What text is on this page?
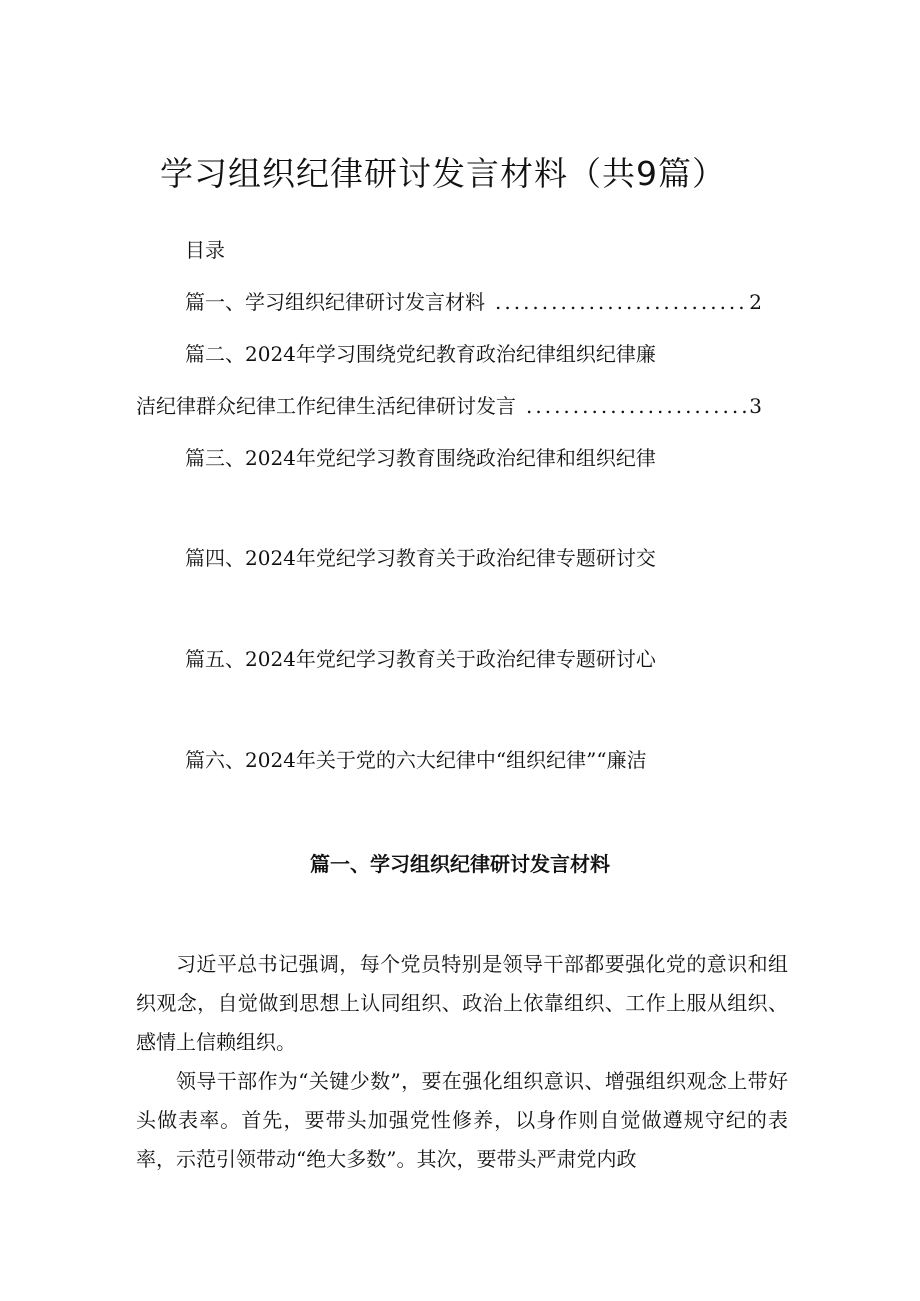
学习组织纪律研讨发言材料（共9篇）
目录
篇一、学习组织纪律研讨发言材料 .....	2
篇二、2024年学习围绕党纪教育政治纪律组织纪律廉
洁纪律群众纪律工作纪律生活纪律研讨发言 .....	3
篇三、2024年党纪学习教育围绕政治纪律和组织纪律
篇四、2024年党纪学习教育关于政治纪律专题研讨交
篇五、2024年党纪学习教育关于政治纪律专题研讨心
篇六、2024年关于党的六大纪律中“组织纪律”“廉洁
篇一、学习组织纪律研讨发言材料

习近平总书记强调，每个党员特别是领导干部都要强化党的意识和组织观念，自觉做到思想上认同组织、政治上依靠组织、工作上服从组织、感情上信赖组织。

领导干部作为“关键少数”，要在强化组织意识、增强组织观念上带好头做表率。首先，要带头加强党性修养，以身作则自觉做遵规守纪的表率，示范引领带动“绝大多数”。其次，要带头严肃党内政
